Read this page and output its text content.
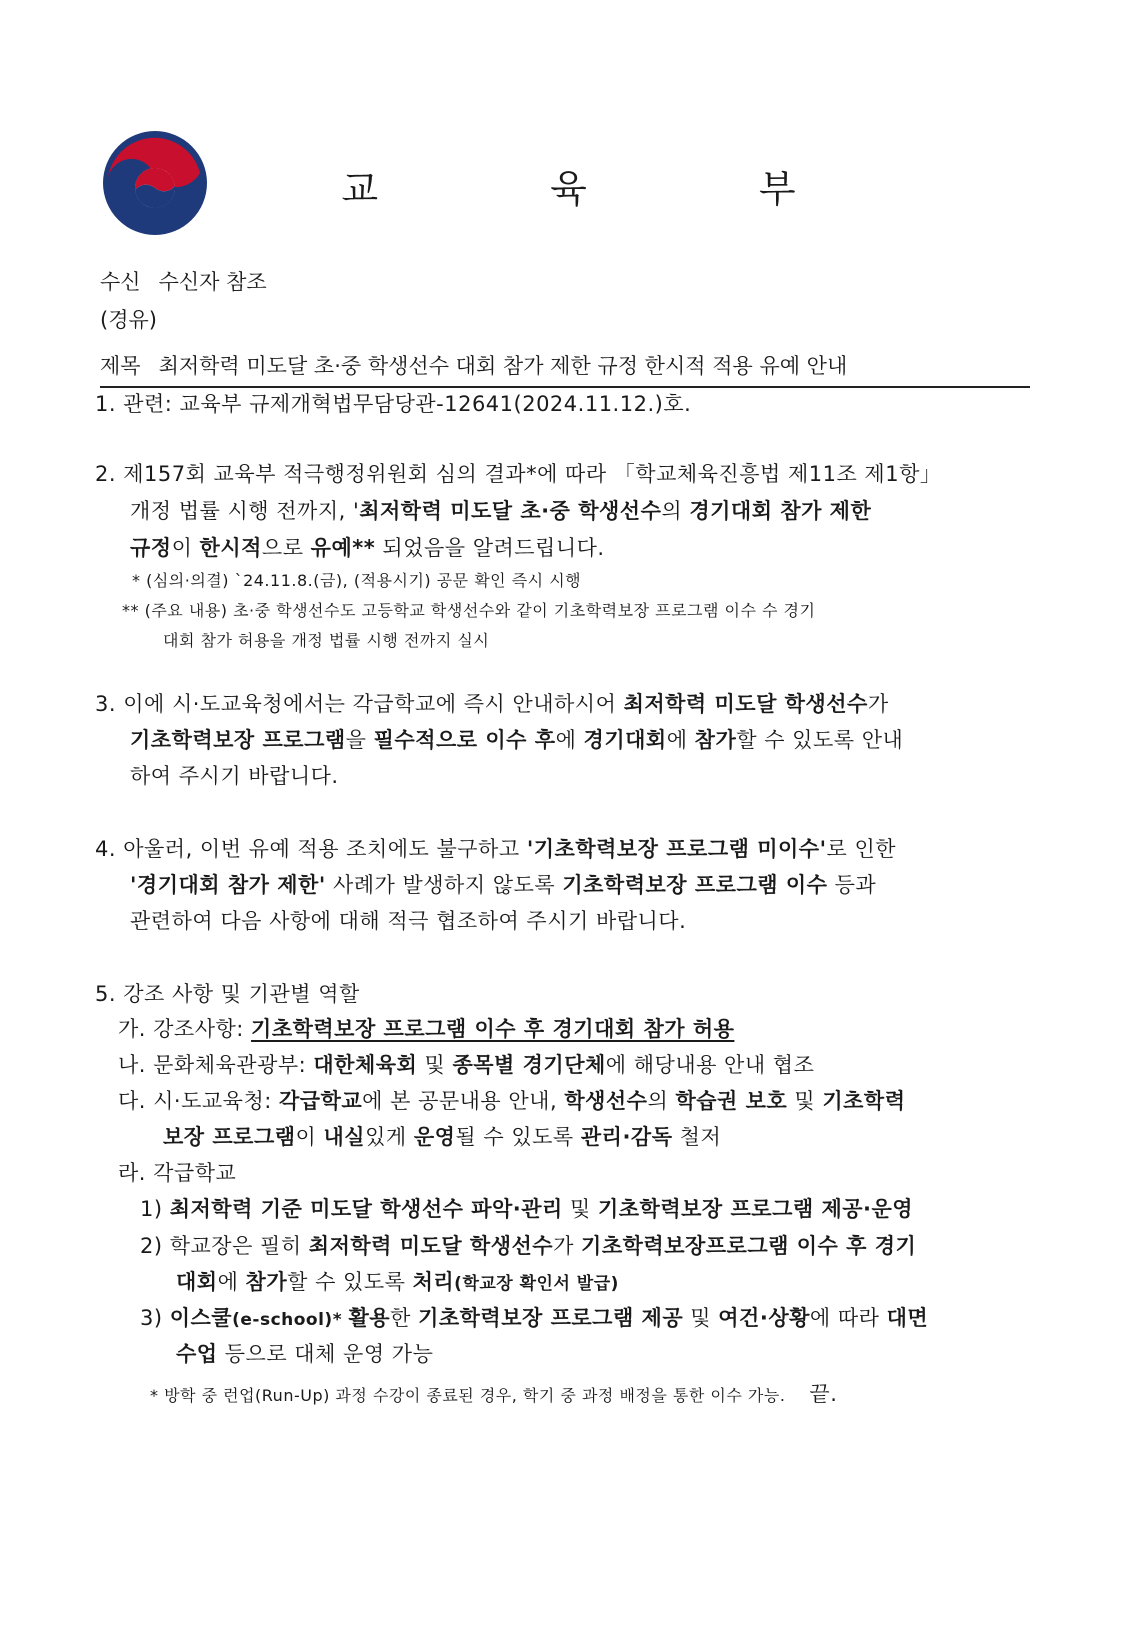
교 육 부
수신 수신자 참조
(경유)
제목 최저학력 미도달 초·중 학생선수 대회 참가 제한 규정 한시적 적용 유예 안내
1. 관련: 교육부 규제개혁법무담당관-12641(2024.11.12.)호.
2. 제157회 교육부 적극행정위원회 심의 결과*에 따라 「학교체육진흥법 제11조 제1항」
개정 법률 시행 전까지, '최저학력 미도달 초·중 학생선수의 경기대회 참가 제한
규정이 한시적으로 유예** 되었음을 알려드립니다.
* (심의·의결) `24.11.8.(금), (적용시기) 공문 확인 즉시 시행
** (주요 내용) 초·중 학생선수도 고등학교 학생선수와 같이 기초학력보장 프로그램 이수 수 경기
대회 참가 허용을 개정 법률 시행 전까지 실시
3. 이에 시·도교육청에서는 각급학교에 즉시 안내하시어 최저학력 미도달 학생선수가
기초학력보장 프로그램을 필수적으로 이수 후에 경기대회에 참가할 수 있도록 안내
하여 주시기 바랍니다.
4. 아울러, 이번 유예 적용 조치에도 불구하고 '기초학력보장 프로그램 미이수'로 인한
'경기대회 참가 제한' 사례가 발생하지 않도록 기초학력보장 프로그램 이수 등과
관련하여 다음 사항에 대해 적극 협조하여 주시기 바랍니다.
5. 강조 사항 및 기관별 역할
가. 강조사항: 기초학력보장 프로그램 이수 후 경기대회 참가 허용
나. 문화체육관광부: 대한체육회 및 종목별 경기단체에 해당내용 안내 협조
다. 시·도교육청: 각급학교에 본 공문내용 안내, 학생선수의 학습권 보호 및 기초학력
보장 프로그램이 내실있게 운영될 수 있도록 관리·감독 철저
라. 각급학교
1) 최저학력 기준 미도달 학생선수 파악·관리 및 기초학력보장 프로그램 제공·운영
2) 학교장은 필히 최저학력 미도달 학생선수가 기초학력보장프로그램 이수 후 경기
대회에 참가할 수 있도록 처리(학교장 확인서 발급)
3) 이스쿨(e-school)* 활용한 기초학력보장 프로그램 제공 및 여건·상황에 따라 대면
수업 등으로 대체 운영 가능
* 방학 중 런업(Run-Up) 과정 수강이 종료된 경우, 학기 중 과정 배정을 통한 이수 가능. 끝.
